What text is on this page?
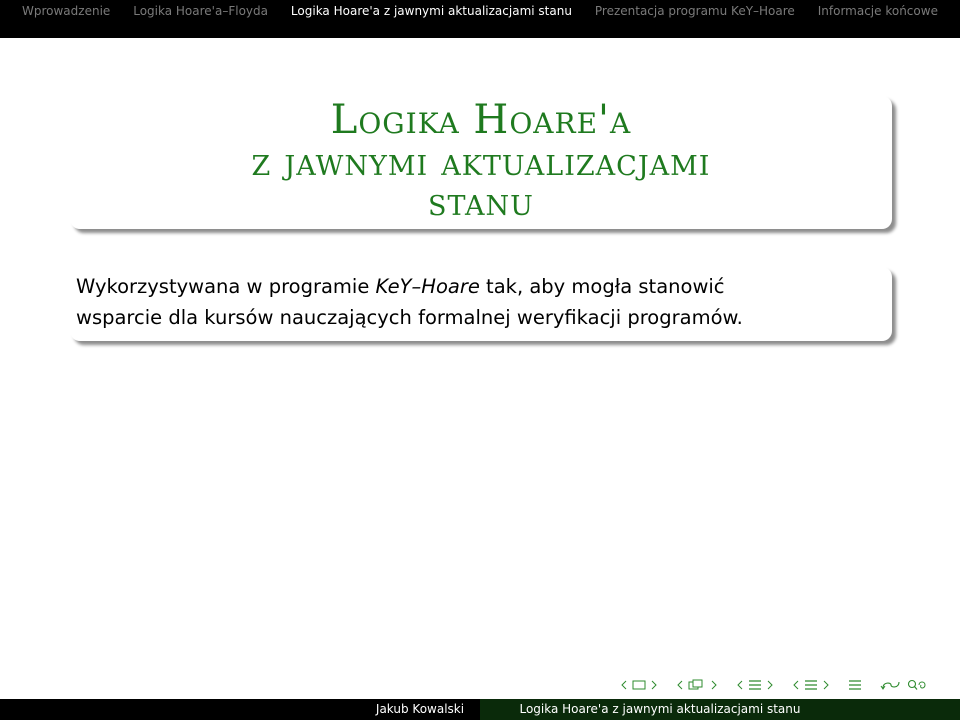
Wprowadzenie Logika Hoare'a–Floyda Logika Hoare'a z jawnymi aktualizacjami stanu Prezentacja programu KeY–Hoare Informacje końcowe
Logika Hoare'a
z jawnymi aktualizacjami
stanu
Wykorzystywana w programie KeY–Hoare tak, aby mogła stanowić
wsparcie dla kursów nauczających formalnej weryfikacji programów.
Jakub Kowalski	Logika Hoare'a z jawnymi aktualizacjami stanu
